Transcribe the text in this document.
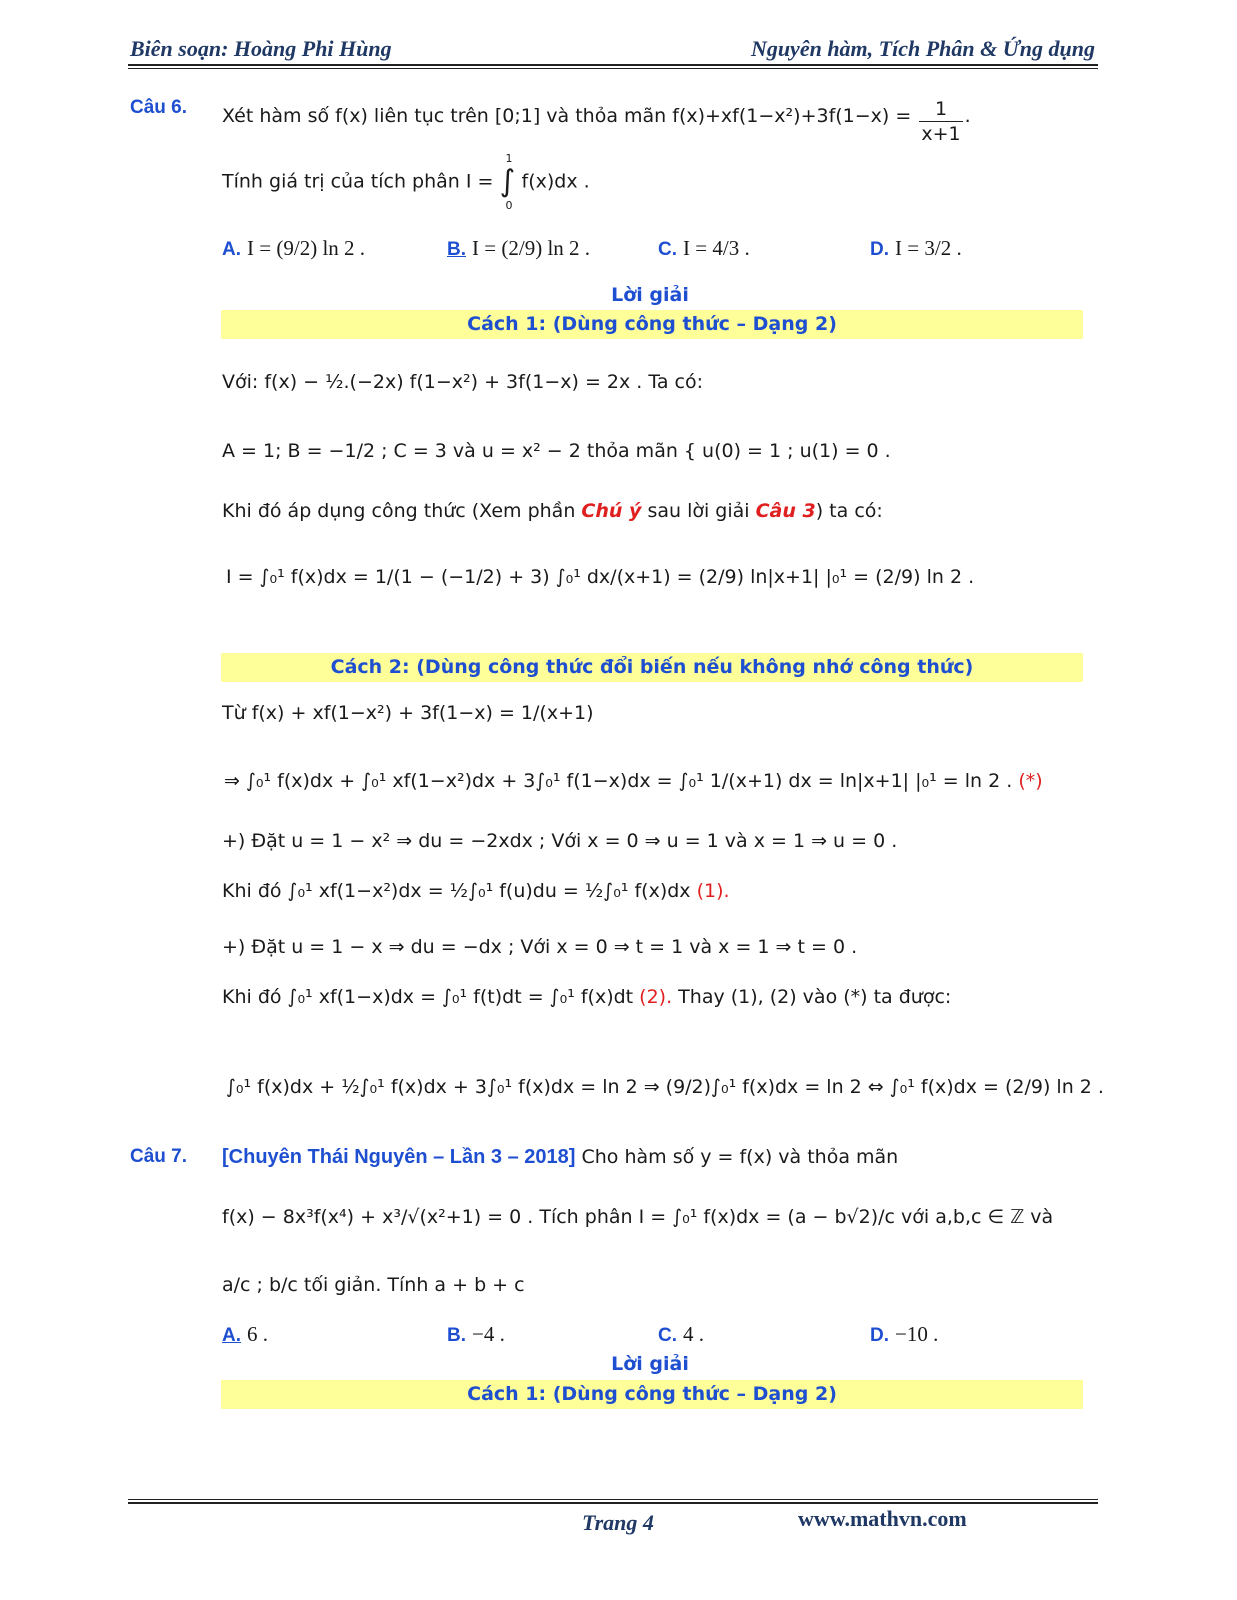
Biên soạn: Hoàng Phi Hùng	Nguyên hàm, Tích Phân & Ứng dụng
Câu 6. Xét hàm số f(x) liên tục trên [0;1] và thỏa mãn $f(x)+xf(1-x^2)+3f(1-x) = \frac{1}{x+1}$ .
Tính giá trị của tích phân I = ∫
1
0
f(x)dx .
A. I = (9/2) ln 2 .	B. I = (2/9) ln 2 .	C. I = 4/3 .	D. I = 3/2 .
Lời giải
Cách 1: (Dùng công thức – Dạng 2)
Với: f(x) − ½.(−2x) f(1−x²) + 3f(1−x) = 2x . Ta có:
A = 1; B = −1/2 ; C = 3 và u = x² − 2 thỏa mãn { u(0) = 1 ; u(1) = 0 .
Khi đó áp dụng công thức (Xem phần Chú ý sau lời giải Câu 3) ta có:
I = ∫₀¹ f(x)dx = 1/(1 − (−1/2) + 3) ∫₀¹ dx/(x+1) = (2/9) ln|x+1| |₀¹ = (2/9) ln 2 .
Cách 2: (Dùng công thức đổi biến nếu không nhớ công thức)
Từ f(x) + xf(1−x²) + 3f(1−x) = 1/(x+1)
⇒ ∫₀¹ f(x)dx + ∫₀¹ xf(1−x²)dx + 3∫₀¹ f(1−x)dx = ∫₀¹ 1/(x+1) dx = ln|x+1| |₀¹ = ln 2 . (*)
+) Đặt u = 1 − x² ⇒ du = −2xdx ; Với x = 0 ⇒ u = 1 và x = 1 ⇒ u = 0 .
Khi đó ∫₀¹ xf(1−x²)dx = ½∫₀¹ f(u)du = ½∫₀¹ f(x)dx (1).
+) Đặt u = 1 − x ⇒ du = −dx ; Với x = 0 ⇒ t = 1 và x = 1 ⇒ t = 0 .
Khi đó ∫₀¹ xf(1−x)dx = ∫₀¹ f(t)dt = ∫₀¹ f(x)dt (2). Thay (1), (2) vào (*) ta được:
∫₀¹ f(x)dx + ½∫₀¹ f(x)dx + 3∫₀¹ f(x)dx = ln 2 ⇒ (9/2)∫₀¹ f(x)dx = ln 2 ⇔ ∫₀¹ f(x)dx = (2/9) ln 2 .
Câu 7. [Chuyên Thái Nguyên – Lần 3 – 2018] Cho hàm số y = f(x) và thỏa mãn
f(x) − 8x³f(x⁴) + x³/√(x²+1) = 0 . Tích phân I = ∫₀¹ f(x)dx = (a − b√2)/c với a,b,c ∈ ℤ và
a/c ; b/c tối giản. Tính a + b + c
A. 6 .	B. −4 .	C. 4 .	D. −10 .
Lời giải
Cách 1: (Dùng công thức – Dạng 2)
Trang 4	www.mathvn.com
